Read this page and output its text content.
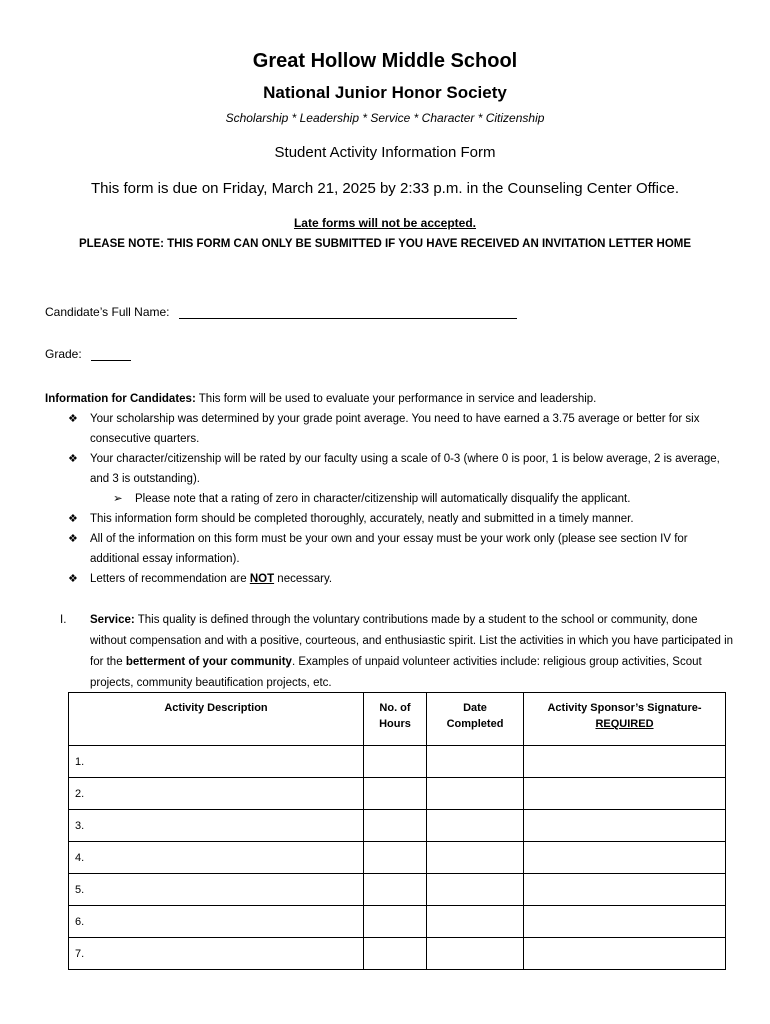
Great Hollow Middle School
National Junior Honor Society
Scholarship * Leadership * Service * Character * Citizenship
Student Activity Information Form
This form is due on Friday, March 21, 2025 by 2:33 p.m. in the Counseling Center Office.
Late forms will not be accepted.
PLEASE NOTE: THIS FORM CAN ONLY BE SUBMITTED IF YOU HAVE RECEIVED AN INVITATION LETTER HOME
Candidate’s Full Name:
Grade:
Information for Candidates: This form will be used to evaluate your performance in service and leadership.
❖ Your scholarship was determined by your grade point average. You need to have earned a 3.75 average or better for six consecutive quarters.
❖ Your character/citizenship will be rated by our faculty using a scale of 0-3 (where 0 is poor, 1 is below average, 2 is average, and 3 is outstanding).
➢ Please note that a rating of zero in character/citizenship will automatically disqualify the applicant.
❖ This information form should be completed thoroughly, accurately, neatly and submitted in a timely manner.
❖ All of the information on this form must be your own and your essay must be your work only (please see section IV for additional essay information).
❖ Letters of recommendation are NOT necessary.
I.	Service: This quality is defined through the voluntary contributions made by a student to the school or community, done without compensation and with a positive, courteous, and enthusiastic spirit. List the activities in which you have participated in for the betterment of your community. Examples of unpaid volunteer activities include: religious group activities, Scout projects, community beautification projects, etc.
Activity Description	No. of Hours	Date Completed	Activity Sponsor’s Signature-
REQUIRED

1.			
2.			
3.			
4.			
5.			
6.			
7.			
